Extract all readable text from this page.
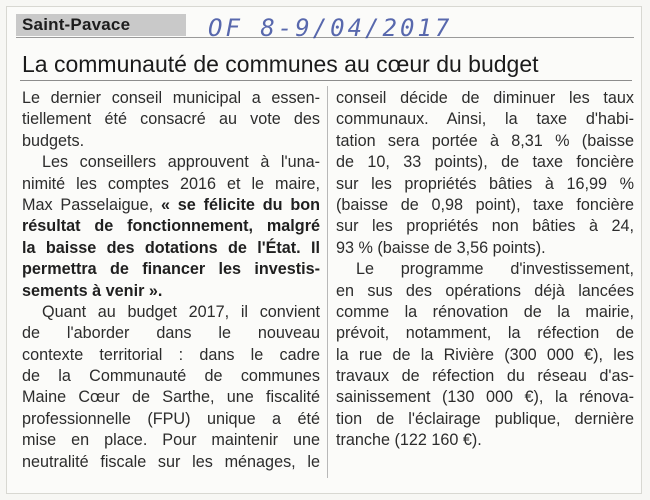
Saint-Pavace	OF 8-9/04/2017
La communauté de communes au cœur du budget
Le dernier conseil municipal a essen-
tiellement été consacré au vote des
budgets.
Les conseillers approuvent à l'una-
nimité les comptes 2016 et le maire,
Max Passelaigue, « se félicite du bon
résultat de fonctionnement, malgré
la baisse des dotations de l'État. Il
permettra de financer les investis-
sements à venir ».
Quant au budget 2017, il convient
de l'aborder dans le nouveau
contexte territorial : dans le cadre
de la Communauté de communes
Maine Cœur de Sarthe, une fiscalité
professionnelle (FPU) unique a été
mise en place. Pour maintenir une
neutralité fiscale sur les ménages, le
conseil décide de diminuer les taux
communaux. Ainsi, la taxe d'habi-
tation sera portée à 8,31 % (baisse
de 10, 33 points), de taxe foncière
sur les propriétés bâties à 16,99 %
(baisse de 0,98 point), taxe foncière
sur les propriétés non bâties à 24,
93 % (baisse de 3,56 points).
Le programme d'investissement,
en sus des opérations déjà lancées
comme la rénovation de la mairie,
prévoit, notamment, la réfection de
la rue de la Rivière (300 000 €), les
travaux de réfection du réseau d'as-
sainissement (130 000 €), la rénova-
tion de l'éclairage publique, dernière
tranche (122 160 €).
